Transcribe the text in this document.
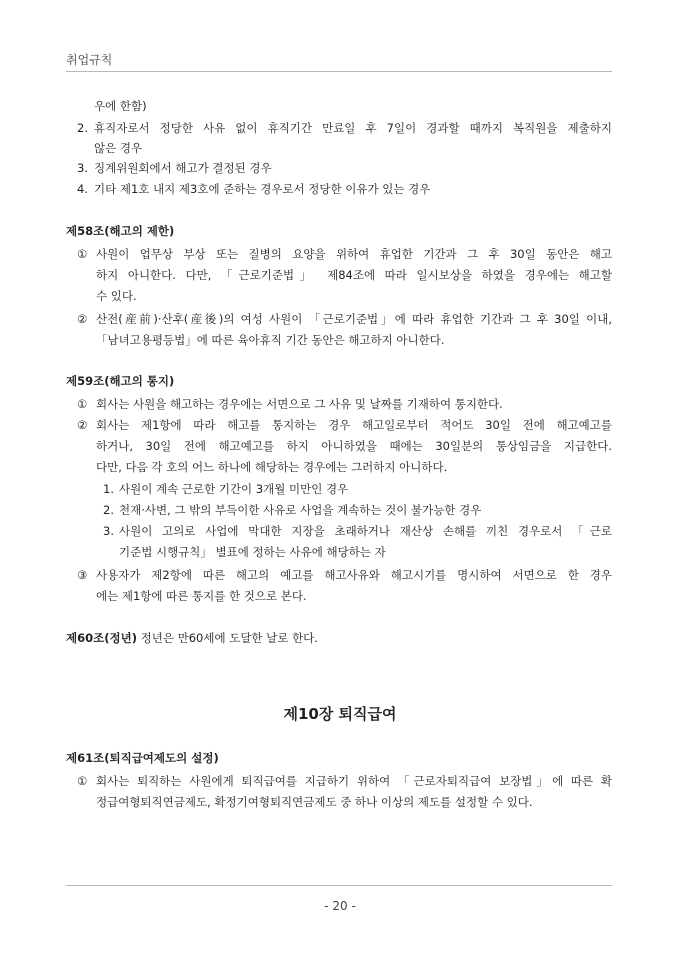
취업규칙
우에 한함)
2. 휴직자로서 정당한 사유 없이 휴직기간 만료일 후 7일이 경과할 때까지 복직원을 제출하지
않은 경우
3. 징계위원회에서 해고가 결정된 경우
4. 기타 제1호 내지 제3호에 준하는 경우로서 정당한 이유가 있는 경우
제58조(해고의 제한)
① 사원이 업무상 부상 또는 질병의 요양을 위하여 휴업한 기간과 그 후 30일 동안은 해고
하지 아니한다. 다만, 「근로기준법」 제84조에 따라 일시보상을 하였을 경우에는 해고할
수 있다.
② 산전(産前)·산후(産後)의 여성 사원이 「근로기준법」에 따라 휴업한 기간과 그 후 30일 이내,
「남녀고용평등법」에 따른 육아휴직 기간 동안은 해고하지 아니한다.
제59조(해고의 통지)
① 회사는 사원을 해고하는 경우에는 서면으로 그 사유 및 날짜를 기재하여 통지한다.
② 회사는 제1항에 따라 해고를 통지하는 경우 해고일로부터 적어도 30일 전에 해고예고를
하거나, 30일 전에 해고예고를 하지 아니하였을 때에는 30일분의 통상임금을 지급한다.
다만, 다음 각 호의 어느 하나에 해당하는 경우에는 그러하지 아니하다.
1. 사원이 계속 근로한 기간이 3개월 미만인 경우
2. 천재·사변, 그 밖의 부득이한 사유로 사업을 계속하는 것이 불가능한 경우
3. 사원이 고의로 사업에 막대한 지장을 초래하거나 재산상 손해를 끼친 경우로서 「근로
기준법 시행규칙」 별표에 정하는 사유에 해당하는 자
③ 사용자가 제2항에 따른 해고의 예고를 해고사유와 해고시기를 명시하여 서면으로 한 경우
에는 제1항에 따른 통지를 한 것으로 본다.
제60조(정년) 정년은 만60세에 도달한 날로 한다.
제10장 퇴직급여
제61조(퇴직급여제도의 설정)
① 회사는 퇴직하는 사원에게 퇴직급여를 지급하기 위하여 「근로자퇴직급여 보장법」에 따른 확
정급여형퇴직연금제도, 확정기여형퇴직연금제도 중 하나 이상의 제도를 설정할 수 있다.
- 20 -
